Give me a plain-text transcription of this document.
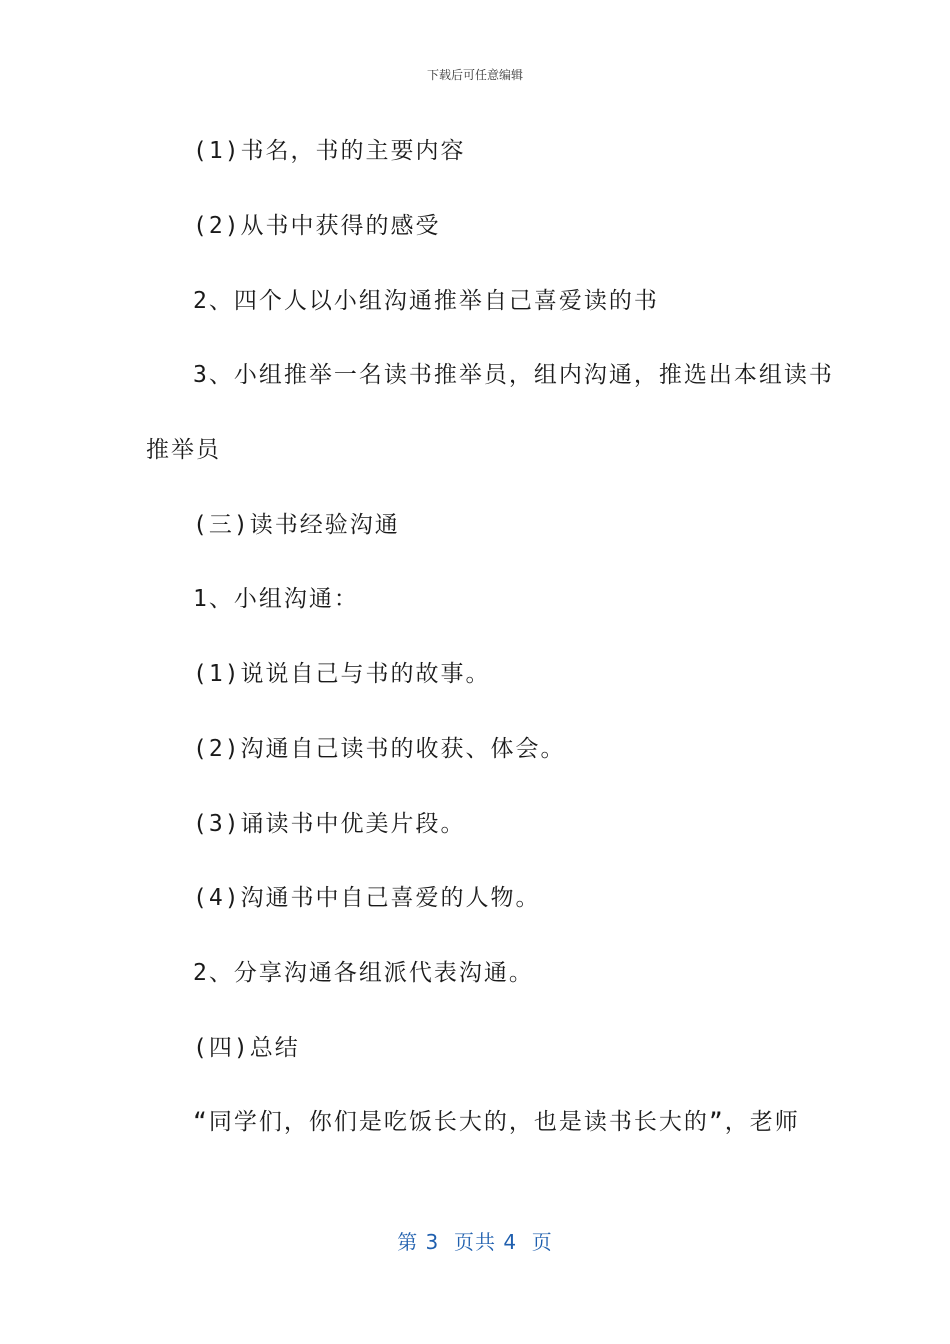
下载后可任意编辑
(1)书名，书的主要内容
(2)从书中获得的感受
2、四个人以小组沟通推举自己喜爱读的书
3、小组推举一名读书推举员，组内沟通，推选出本组读书
推举员
(三)读书经验沟通
1、小组沟通：
(1)说说自己与书的故事。
(2)沟通自己读书的收获、体会。
(3)诵读书中优美片段。
(4)沟通书中自己喜爱的人物。
2、分享沟通各组派代表沟通。
(四)总结
“同学们，你们是吃饭长大的，也是读书长大的”，老师
第 3  页共 4  页
